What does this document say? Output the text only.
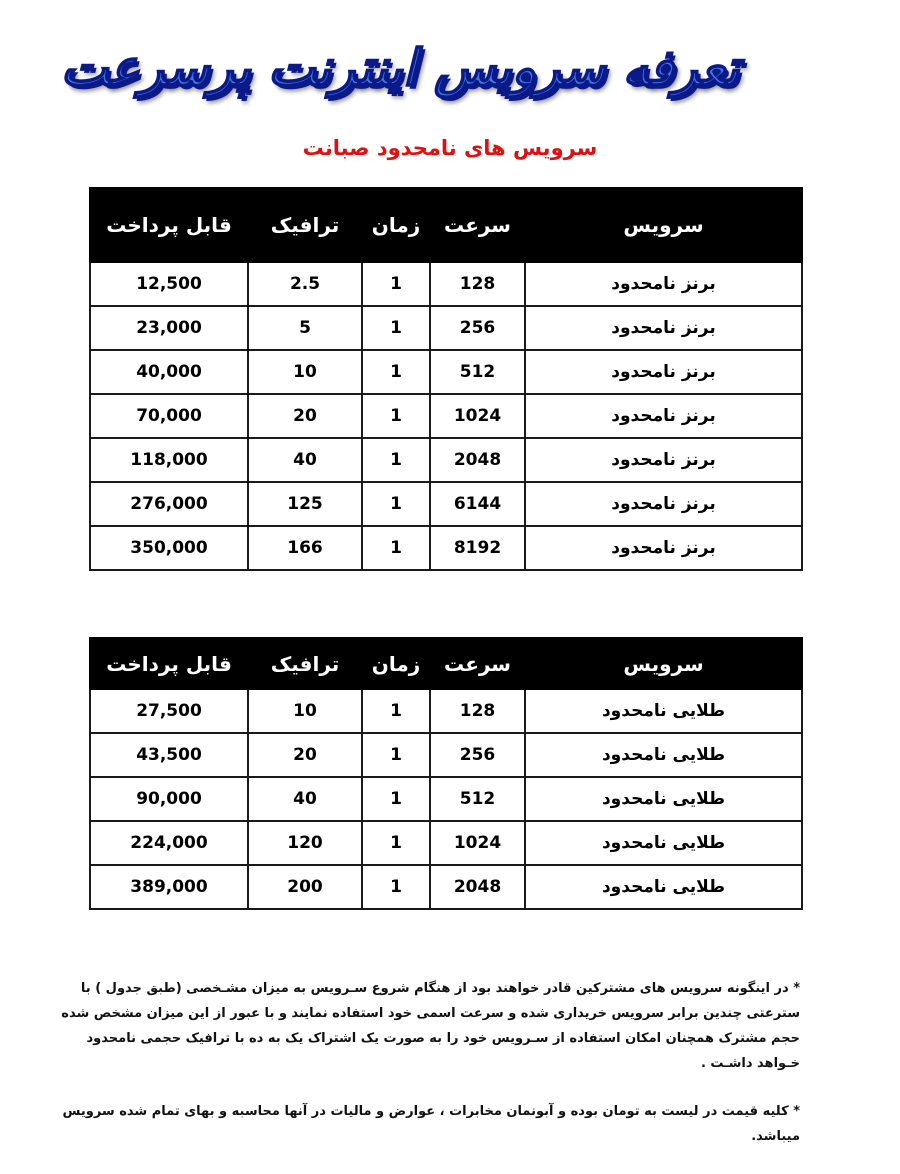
تعرفه سرویس اینترنت پرسرعت
سرویس های نامحدود صبانت
قابل پرداخت	ترافیک	زمان	سرعت	سرویس
12,500	2.5	1	128	برنز نامحدود
23,000	5	1	256	برنز نامحدود
40,000	10	1	512	برنز نامحدود
70,000	20	1	1024	برنز نامحدود
118,000	40	1	2048	برنز نامحدود
276,000	125	1	6144	برنز نامحدود
350,000	166	1	8192	برنز نامحدود
قابل پرداخت	ترافیک	زمان	سرعت	سرویس
27,500	10	1	128	طلایی نامحدود
43,500	20	1	256	طلایی نامحدود
90,000	40	1	512	طلایی نامحدود
224,000	120	1	1024	طلایی نامحدود
389,000	200	1	2048	طلایی نامحدود
* در اینگونه سرویس های مشترکین قادر خواهند بود از هنگام شروع سـرویس به میزان مشـخصی (طبق جدول ) با سترعتی چندین برابر سرویس خریداری شده و سرعت اسمی خود استفاده نمایند و با عبور از این میزان مشخص شده حجم مشترک همچنان امکان استفاده از سـرویس خود را به صورت یک اشتراک یک به ده با ترافیک حجمی نامحدود خـواهد داشـت .
* کلیه قیمت در لیست به تومان بوده و آبونمان مخابرات ، عوارض و مالیات در آنها محاسبه و بهای تمام شده سرویس میباشد.
